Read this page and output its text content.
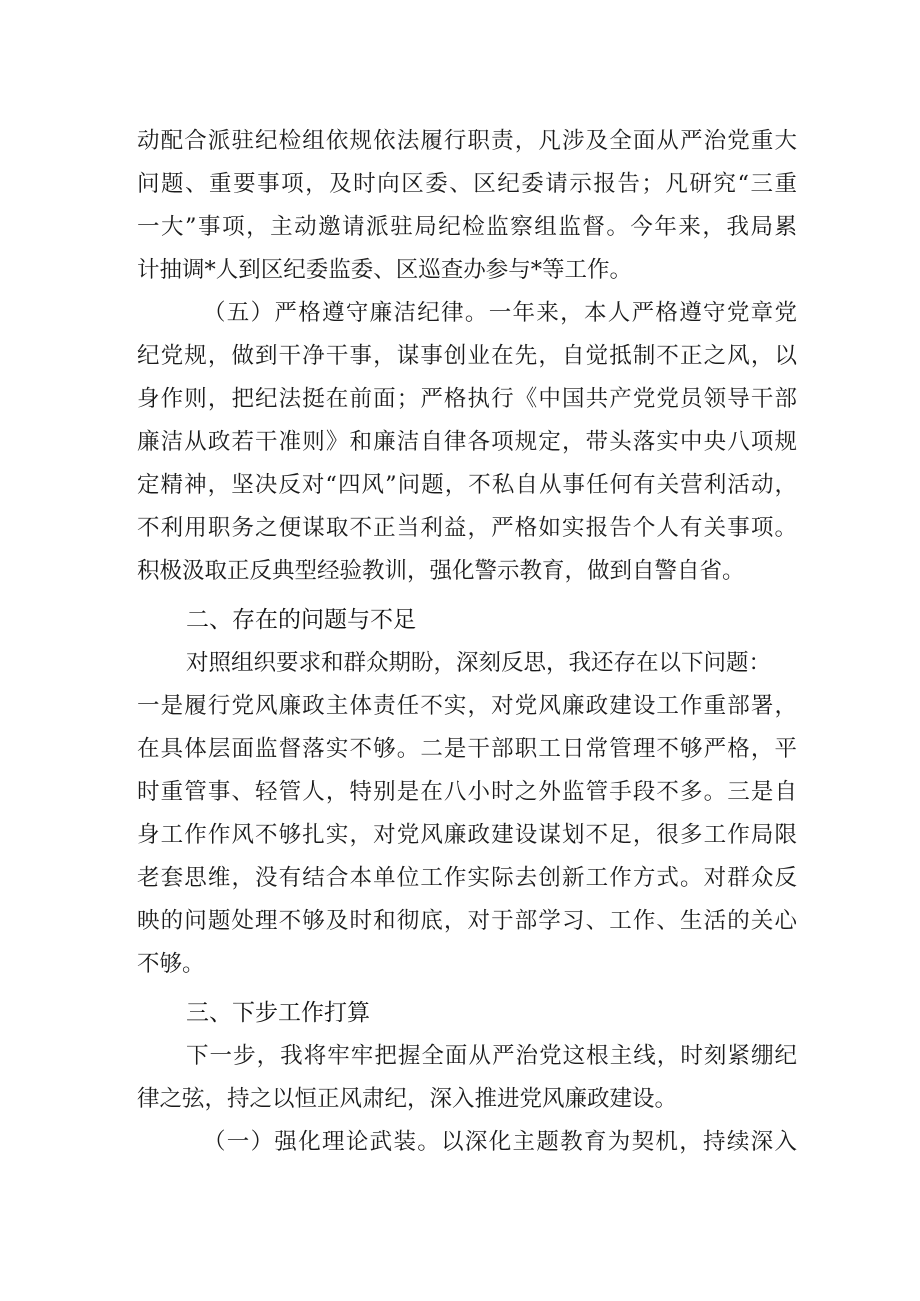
动配合派驻纪检组依规依法履行职责，凡涉及全面从严治党重大
问题、重要事项，及时向区委、区纪委请示报告；凡研究“三重
一大”事项，主动邀请派驻局纪检监察组监督。今年来，我局累
计抽调*人到区纪委监委、区巡查办参与*等工作。
（五）严格遵守廉洁纪律。一年来，本人严格遵守党章党
纪党规，做到干净干事，谋事创业在先，自觉抵制不正之风，以
身作则，把纪法挺在前面；严格执行《中国共产党党员领导干部
廉洁从政若干准则》和廉洁自律各项规定，带头落实中央八项规
定精神，坚决反对“四风”问题，不私自从事任何有关营利活动，
不利用职务之便谋取不正当利益，严格如实报告个人有关事项。
积极汲取正反典型经验教训，强化警示教育，做到自警自省。
二、存在的问题与不足
对照组织要求和群众期盼，深刻反思，我还存在以下问题：
一是履行党风廉政主体责任不实，对党风廉政建设工作重部署，
在具体层面监督落实不够。二是干部职工日常管理不够严格，平
时重管事、轻管人，特别是在八小时之外监管手段不多。三是自
身工作作风不够扎实，对党风廉政建设谋划不足，很多工作局限
老套思维，没有结合本单位工作实际去创新工作方式。对群众反
映的问题处理不够及时和彻底，对于部学习、工作、生活的关心
不够。
三、下步工作打算
下一步，我将牢牢把握全面从严治党这根主线，时刻紧绷纪
律之弦，持之以恒正风肃纪，深入推进党风廉政建设。
（一）强化理论武装。以深化主题教育为契机，持续深入
